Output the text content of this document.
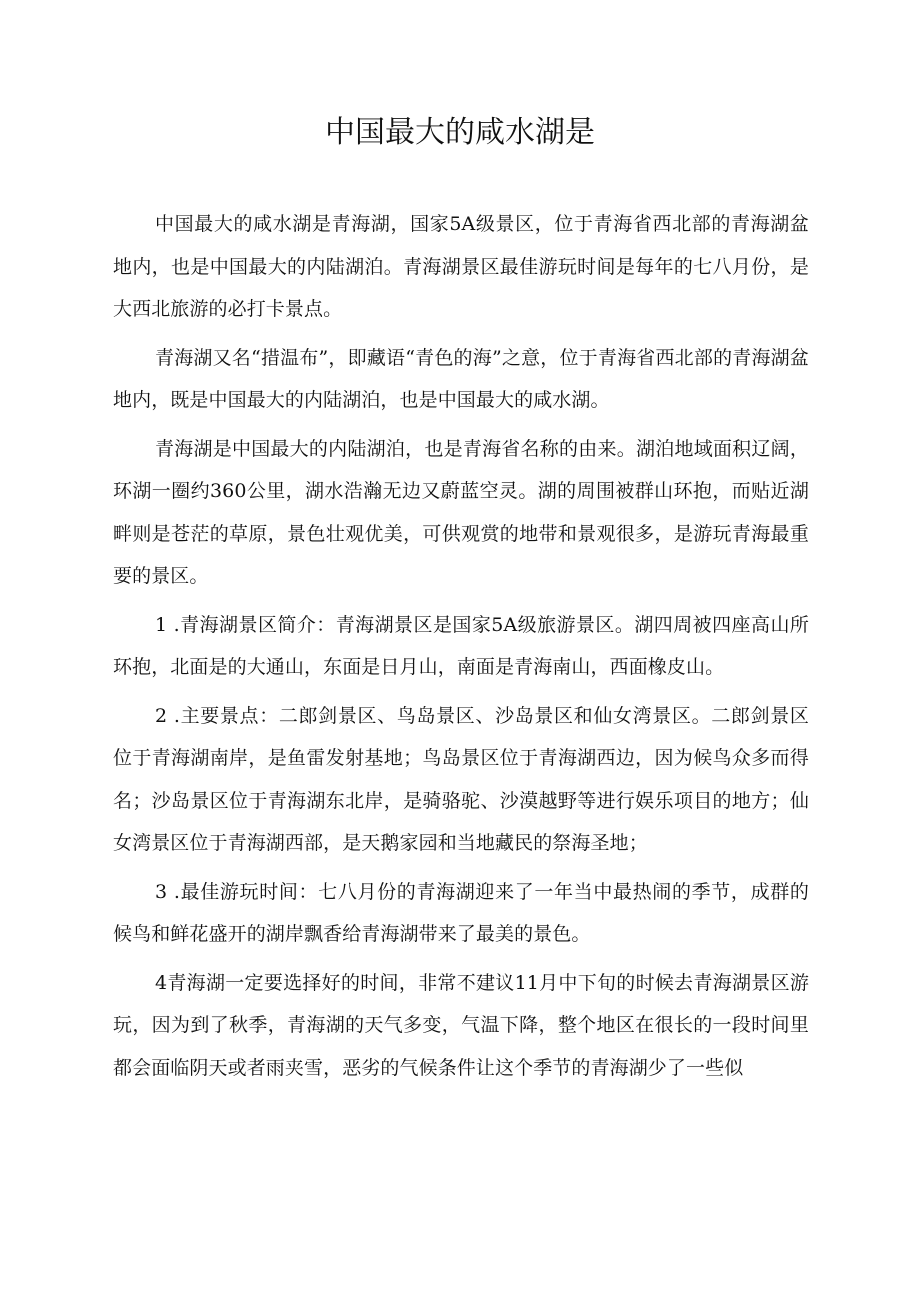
中国最大的咸水湖是

中国最大的咸水湖是青海湖，国家5A级景区，位于青海省西北部的青海湖盆地内，也是中国最大的内陆湖泊。青海湖景区最佳游玩时间是每年的七八月份，是大西北旅游的必打卡景点。

青海湖又名“措温布”，即藏语“青色的海”之意，位于青海省西北部的青海湖盆地内，既是中国最大的内陆湖泊，也是中国最大的咸水湖。

青海湖是中国最大的内陆湖泊，也是青海省名称的由来。湖泊地域面积辽阔，环湖一圈约360公里，湖水浩瀚无边又蔚蓝空灵。湖的周围被群山环抱，而贴近湖畔则是苍茫的草原，景色壮观优美，可供观赏的地带和景观很多，是游玩青海最重要的景区。

1 .青海湖景区简介：青海湖景区是国家5A级旅游景区。湖四周被四座高山所环抱，北面是的大通山，东面是日月山，南面是青海南山，西面橡皮山。

2 .主要景点：二郎剑景区、鸟岛景区、沙岛景区和仙女湾景区。二郎剑景区位于青海湖南岸，是鱼雷发射基地；鸟岛景区位于青海湖西边，因为候鸟众多而得名；沙岛景区位于青海湖东北岸，是骑骆驼、沙漠越野等进行娱乐项目的地方；仙女湾景区位于青海湖西部，是天鹅家园和当地藏民的祭海圣地；

3 .最佳游玩时间：七八月份的青海湖迎来了一年当中最热闹的季节，成群的候鸟和鲜花盛开的湖岸飘香给青海湖带来了最美的景色。

4青海湖一定要选择好的时间，非常不建议11月中下旬的时候去青海湖景区游玩，因为到了秋季，青海湖的天气多变，气温下降，整个地区在很长的一段时间里都会面临阴天或者雨夹雪，恶劣的气候条件让这个季节的青海湖少了一些似
